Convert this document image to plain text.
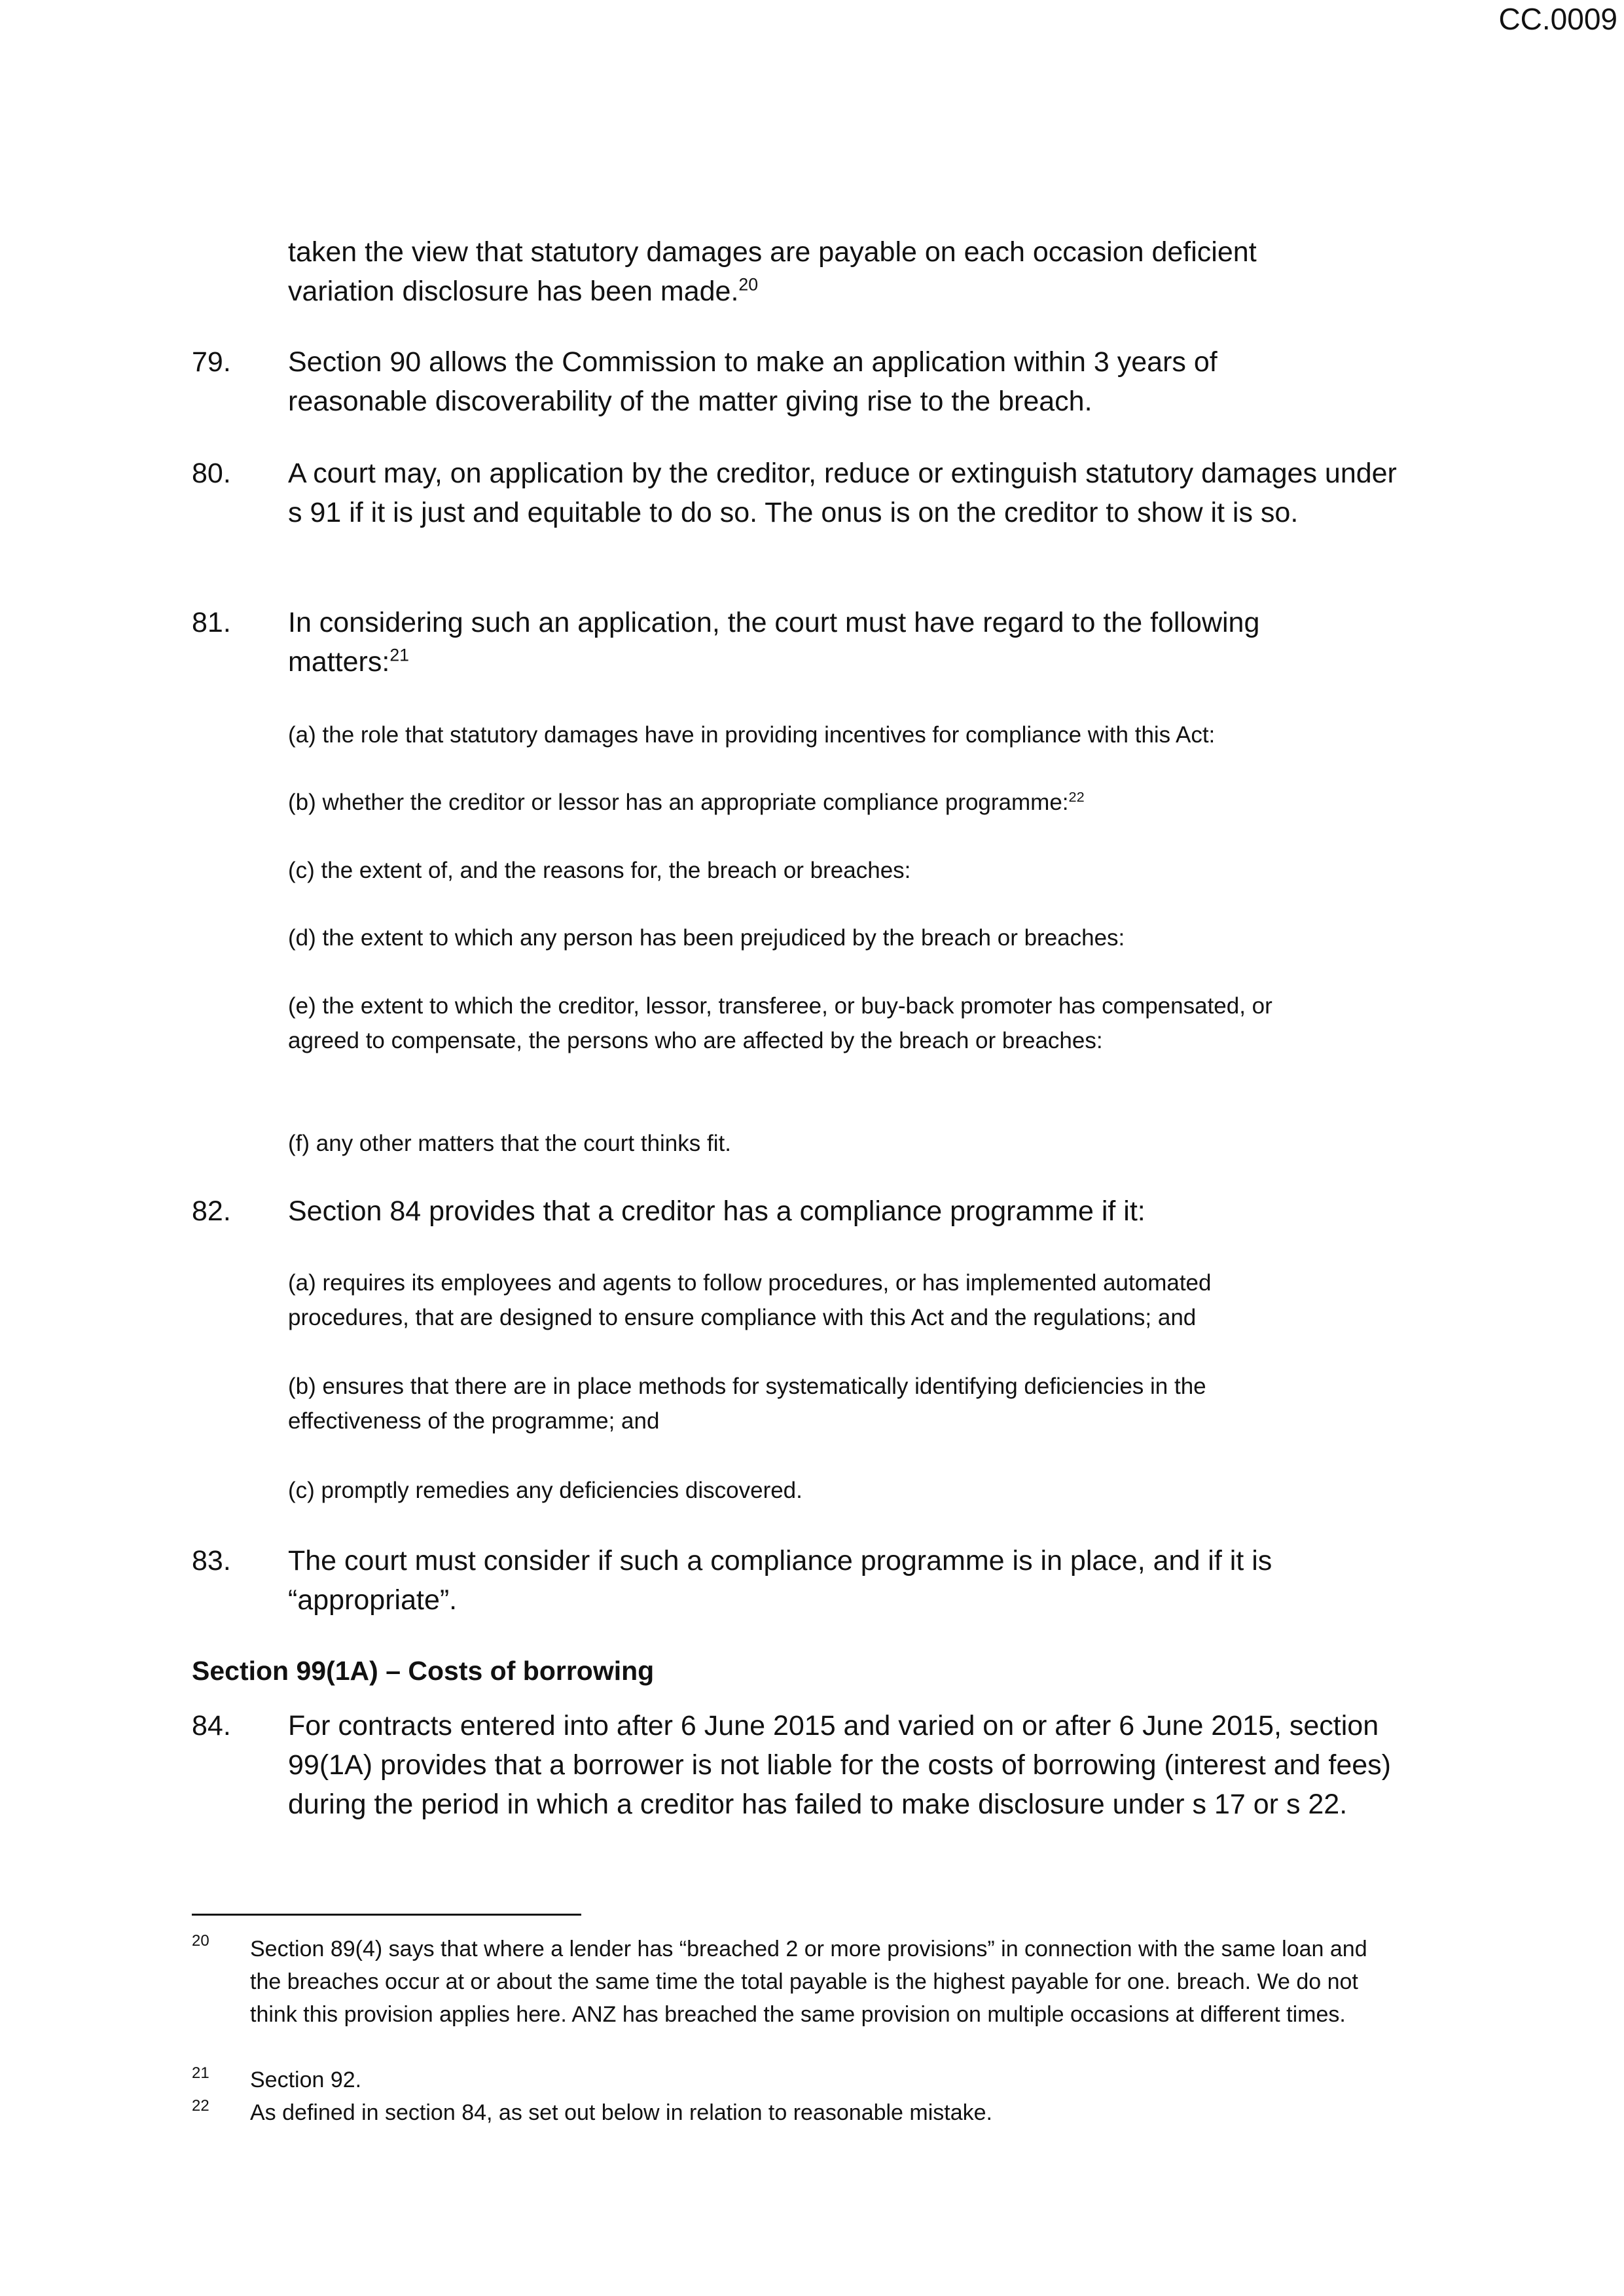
CC.0009
taken the view that statutory damages are payable on each occasion deficient variation disclosure has been made.$^{20}$
79. Section 90 allows the Commission to make an application within 3 years of reasonable discoverability of the matter giving rise to the breach.
80. A court may, on application by the creditor, reduce or extinguish statutory damages under s 91 if it is just and equitable to do so. The onus is on the creditor to show it is so.
81. In considering such an application, the court must have regard to the following matters:$^{21}$
(a) the role that statutory damages have in providing incentives for compliance with this Act:
(b) whether the creditor or lessor has an appropriate compliance programme:$^{22}$
(c) the extent of, and the reasons for, the breach or breaches:
(d) the extent to which any person has been prejudiced by the breach or breaches:
(e) the extent to which the creditor, lessor, transferee, or buy-back promoter has compensated, or agreed to compensate, the persons who are affected by the breach or breaches:
(f) any other matters that the court thinks fit.
82. Section 84 provides that a creditor has a compliance programme if it:
(a) requires its employees and agents to follow procedures, or has implemented automated procedures, that are designed to ensure compliance with this Act and the regulations; and
(b) ensures that there are in place methods for systematically identifying deficiencies in the effectiveness of the programme; and
(c) promptly remedies any deficiencies discovered.
83. The court must consider if such a compliance programme is in place, and if it is “appropriate”.
Section 99(1A) – Costs of borrowing
84. For contracts entered into after 6 June 2015 and varied on or after 6 June 2015, section 99(1A) provides that a borrower is not liable for the costs of borrowing (interest and fees) during the period in which a creditor has failed to make disclosure under s 17 or s 22.
20 Section 89(4) says that where a lender has “breached 2 or more provisions” in connection with the same loan and the breaches occur at or about the same time the total payable is the highest payable for one. breach. We do not think this provision applies here. ANZ has breached the same provision on multiple occasions at different times.
21 Section 92.
22 As defined in section 84, as set out below in relation to reasonable mistake.
